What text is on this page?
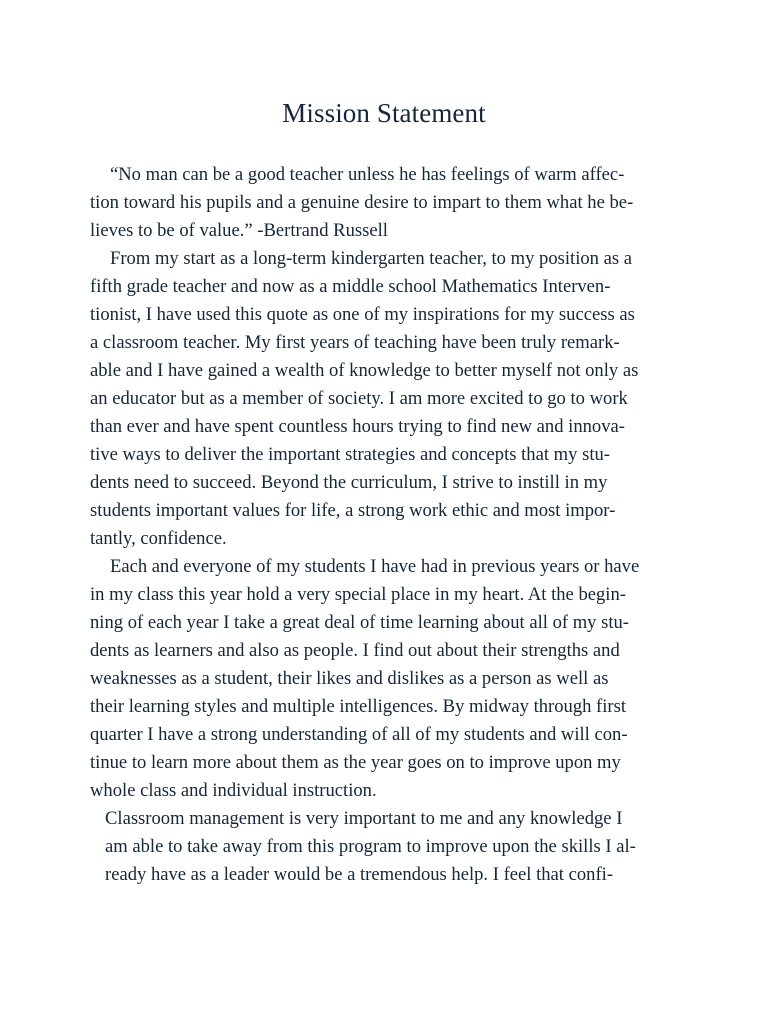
Mission Statement
“No man can be a good teacher unless he has feelings of warm affec-
tion toward his pupils and a genuine desire to impart to them what he be-
lieves to be of value.” -Bertrand Russell
From my start as a long-term kindergarten teacher, to my position as a
fifth grade teacher and now as a middle school Mathematics Interven-
tionist, I have used this quote as one of my inspirations for my success as
a classroom teacher. My first years of teaching have been truly remark-
able and I have gained a wealth of knowledge to better myself not only as
an educator but as a member of society. I am more excited to go to work
than ever and have spent countless hours trying to find new and innova-
tive ways to deliver the important strategies and concepts that my stu-
dents need to succeed. Beyond the curriculum, I strive to instill in my
students important values for life, a strong work ethic and most impor-
tantly, confidence.
Each and everyone of my students I have had in previous years or have
in my class this year hold a very special place in my heart. At the begin-
ning of each year I take a great deal of time learning about all of my stu-
dents as learners and also as people. I find out about their strengths and
weaknesses as a student, their likes and dislikes as a person as well as
their learning styles and multiple intelligences. By midway through first
quarter I have a strong understanding of all of my students and will con-
tinue to learn more about them as the year goes on to improve upon my
whole class and individual instruction.
Classroom management is very important to me and any knowledge I
am able to take away from this program to improve upon the skills I al-
ready have as a leader would be a tremendous help. I feel that confi-
